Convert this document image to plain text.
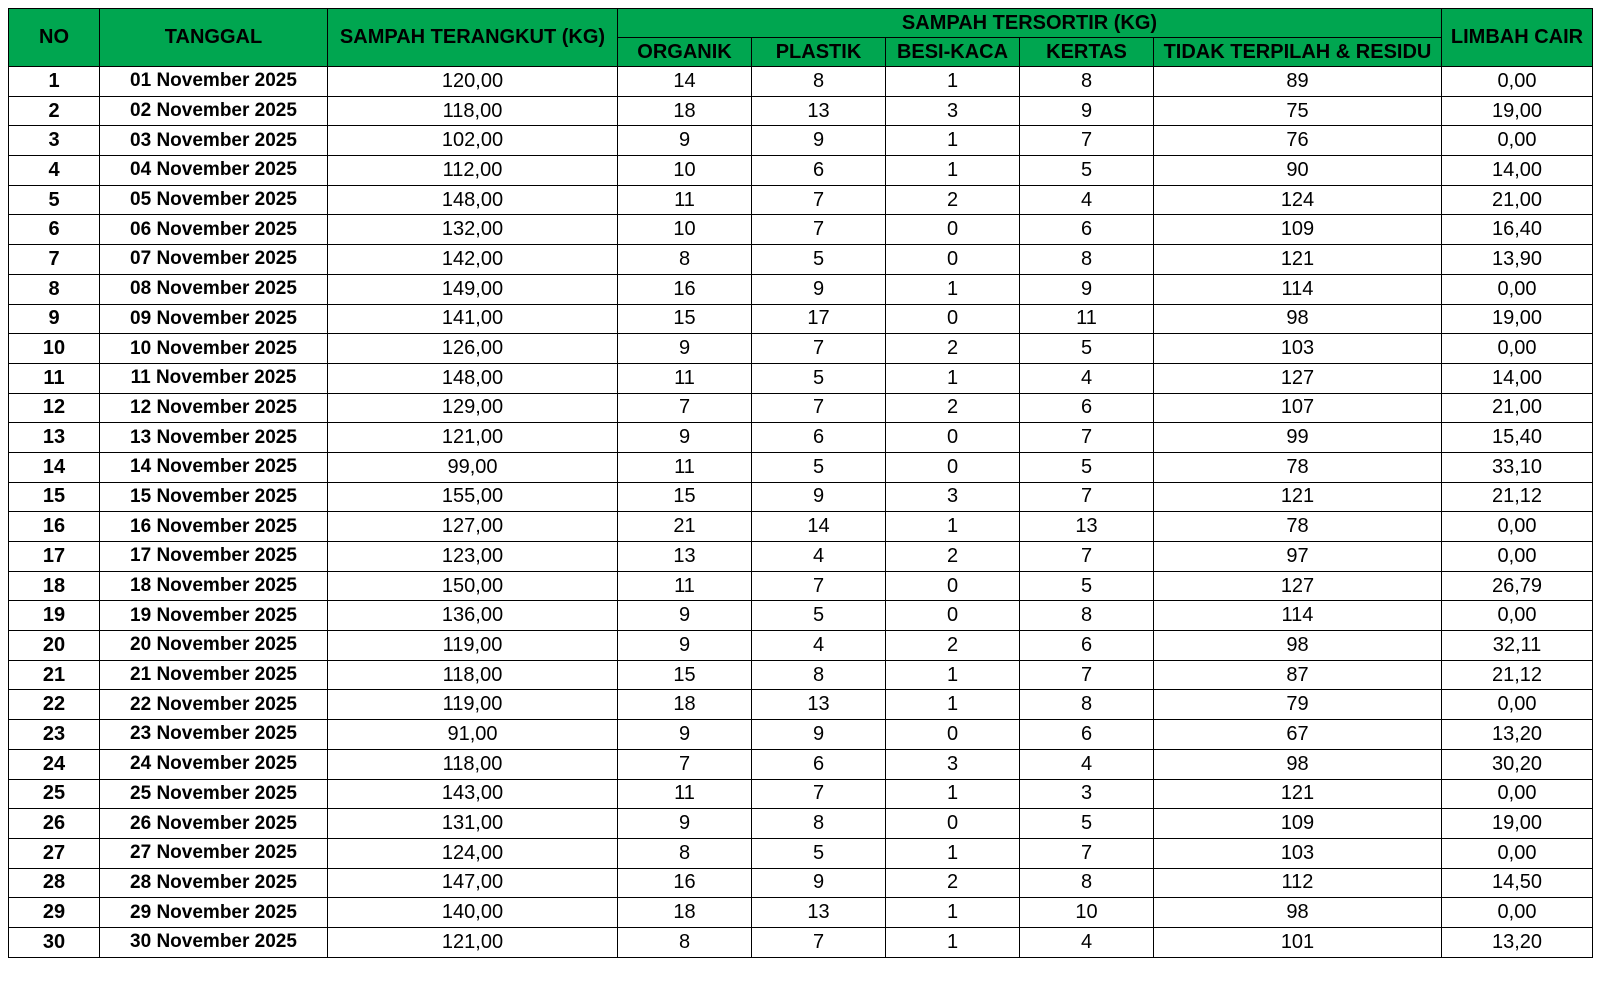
NO	TANGGAL	SAMPAH TERANGKUT (KG)	SAMPAH TERSORTIR (KG)					LIMBAH CAIR
			ORGANIK	PLASTIK	BESI-KACA	KERTAS	TIDAK TERPILAH & RESIDU	
1	01 November 2025	120,00	14	8	1	8	89	0,00
2	02 November 2025	118,00	18	13	3	9	75	19,00
3	03 November 2025	102,00	9	9	1	7	76	0,00
4	04 November 2025	112,00	10	6	1	5	90	14,00
5	05 November 2025	148,00	11	7	2	4	124	21,00
6	06 November 2025	132,00	10	7	0	6	109	16,40
7	07 November 2025	142,00	8	5	0	8	121	13,90
8	08 November 2025	149,00	16	9	1	9	114	0,00
9	09 November 2025	141,00	15	17	0	11	98	19,00
10	10 November 2025	126,00	9	7	2	5	103	0,00
11	11 November 2025	148,00	11	5	1	4	127	14,00
12	12 November 2025	129,00	7	7	2	6	107	21,00
13	13 November 2025	121,00	9	6	0	7	99	15,40
14	14 November 2025	99,00	11	5	0	5	78	33,10
15	15 November 2025	155,00	15	9	3	7	121	21,12
16	16 November 2025	127,00	21	14	1	13	78	0,00
17	17 November 2025	123,00	13	4	2	7	97	0,00
18	18 November 2025	150,00	11	7	0	5	127	26,79
19	19 November 2025	136,00	9	5	0	8	114	0,00
20	20 November 2025	119,00	9	4	2	6	98	32,11
21	21 November 2025	118,00	15	8	1	7	87	21,12
22	22 November 2025	119,00	18	13	1	8	79	0,00
23	23 November 2025	91,00	9	9	0	6	67	13,20
24	24 November 2025	118,00	7	6	3	4	98	30,20
25	25 November 2025	143,00	11	7	1	3	121	0,00
26	26 November 2025	131,00	9	8	0	5	109	19,00
27	27 November 2025	124,00	8	5	1	7	103	0,00
28	28 November 2025	147,00	16	9	2	8	112	14,50
29	29 November 2025	140,00	18	13	1	10	98	0,00
30	30 November 2025	121,00	8	7	1	4	101	13,20
